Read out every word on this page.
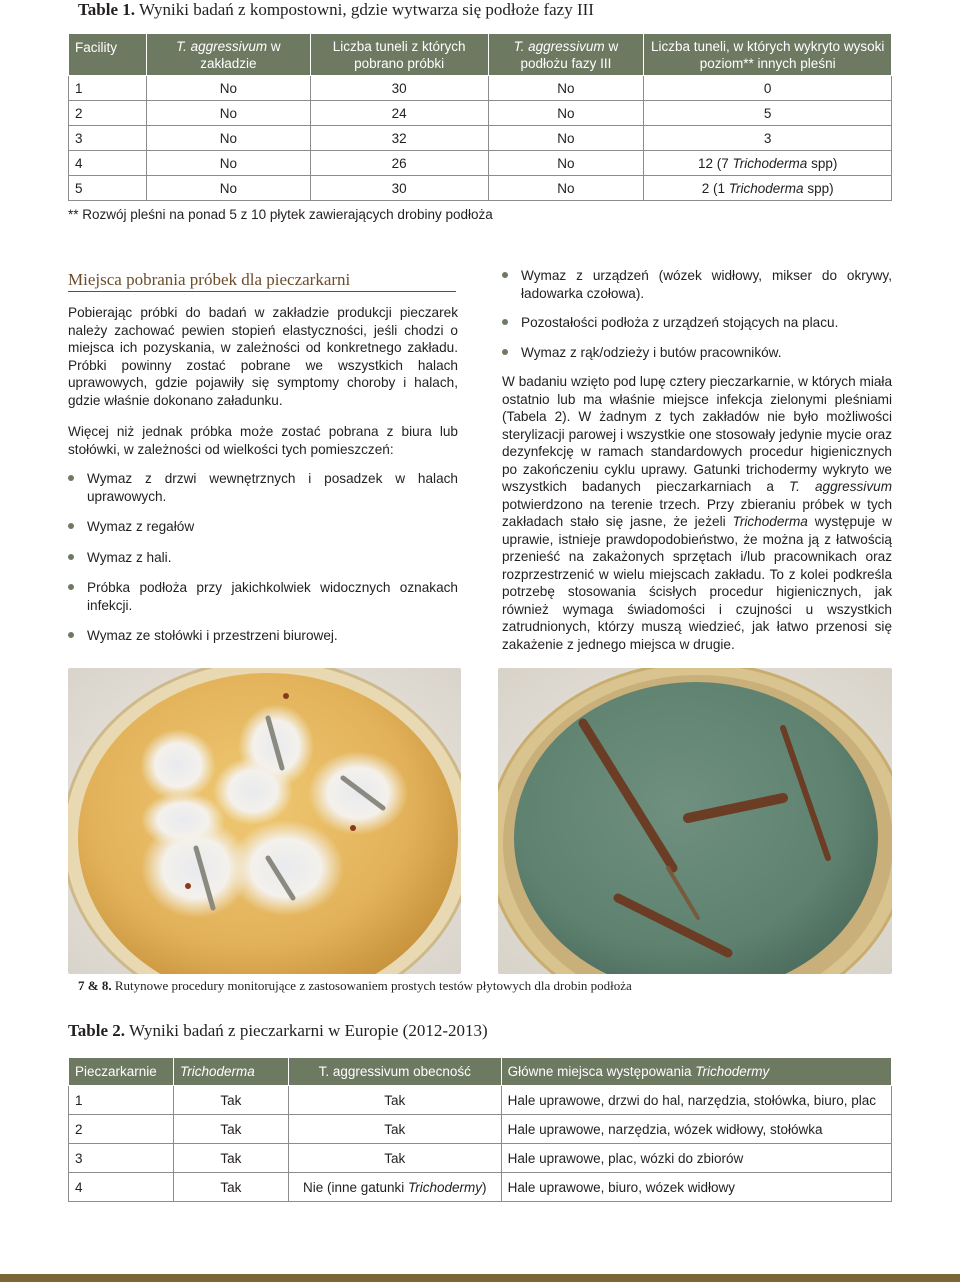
Table 1. Wyniki badań z kompostowni, gdzie wytwarza się podłoże fazy III
Facility	T. aggressivum w zakładzie	Liczba tuneli z których pobrano próbki	T. aggressivum w podłożu fazy III	Liczba tuneli, w których wykryto wysoki poziom** innych pleśni
1	No	30	No	0
2	No	24	No	5
3	No	32	No	3
4	No	26	No	12 (7 Trichoderma spp)
5	No	30	No	2 (1 Trichoderma spp)
** Rozwój pleśni na ponad 5 z 10 płytek zawierających drobiny podłoża
Miejsca pobrania próbek dla pieczarkarni

Pobierając próbki do badań w zakładzie produkcji pieczarek należy zachować pewien stopień elastyczności, jeśli chodzi o miejsca ich pozyskania, w zależności od konkretnego zakładu. Próbki powinny zostać pobrane we wszystkich halach uprawowych, gdzie pojawiły się symptomy choroby i halach, gdzie właśnie dokonano załadunku.

Więcej niż jednak próbka może zostać pobrana z biura lub stołówki, w zależności od wielkości tych pomieszczeń:

Wymaz z drzwi wewnętrznych i posadzek w halach uprawowych.
Wymaz z regałów
Wymaz z hali.
Próbka podłoża przy jakichkolwiek widocznych oznakach infekcji.
Wymaz ze stołówki i przestrzeni biurowej.
Wymaz z urządzeń (wózek widłowy, mikser do okrywy, ładowarka czołowa).
Pozostałości podłoża z urządzeń stojących na placu.
Wymaz z rąk/odzieży i butów pracowników.

W badaniu wzięto pod lupę cztery pieczarkarnie, w których miała ostatnio lub ma właśnie miejsce infekcja zielonymi pleśniami (Tabela 2). W żadnym z tych zakładów nie było możliwości sterylizacji parowej i wszystkie one stosowały jedynie mycie oraz dezynfekcję w ramach standardowych procedur higienicznych po zakończeniu cyklu uprawy. Gatunki trichodermy wykryto we wszystkich badanych pieczarkarniach a T. aggressivum potwierdzono na terenie trzech. Przy zbieraniu próbek w tych zakładach stało się jasne, że jeżeli Trichoderma występuje w uprawie, istnieje prawdopodobieństwo, że można ją z łatwością przenieść na zakażonych sprzętach i/lub pracownikach oraz rozprzestrzenić w wielu miejscach zakładu. To z kolei podkreśla potrzebę stosowania ścisłych procedur higienicznych, jak również wymaga świadomości i czujności u wszystkich zatrudnionych, którzy muszą wiedzieć, jak łatwo przenosi się zakażenie z jednego miejsca w drugie.

7 & 8. Rutynowe procedury monitorujące z zastosowaniem prostych testów płytowych dla drobin podłoża
Table 2. Wyniki badań z pieczarkarni w Europie (2012-2013)
Pieczarkarnie	Trichoderma	T. aggressivum obecność	Główne miejsca występowania Trichodermy
1	Tak	Tak	Hale uprawowe, drzwi do hal, narzędzia, stołówka, biuro, plac
2	Tak	Tak	Hale uprawowe, narzędzia, wózek widłowy, stołówka
3	Tak	Tak	Hale uprawowe, plac, wózki do zbiorów
4	Tak	Nie (inne gatunki Trichodermy)	Hale uprawowe, biuro, wózek widłowy
